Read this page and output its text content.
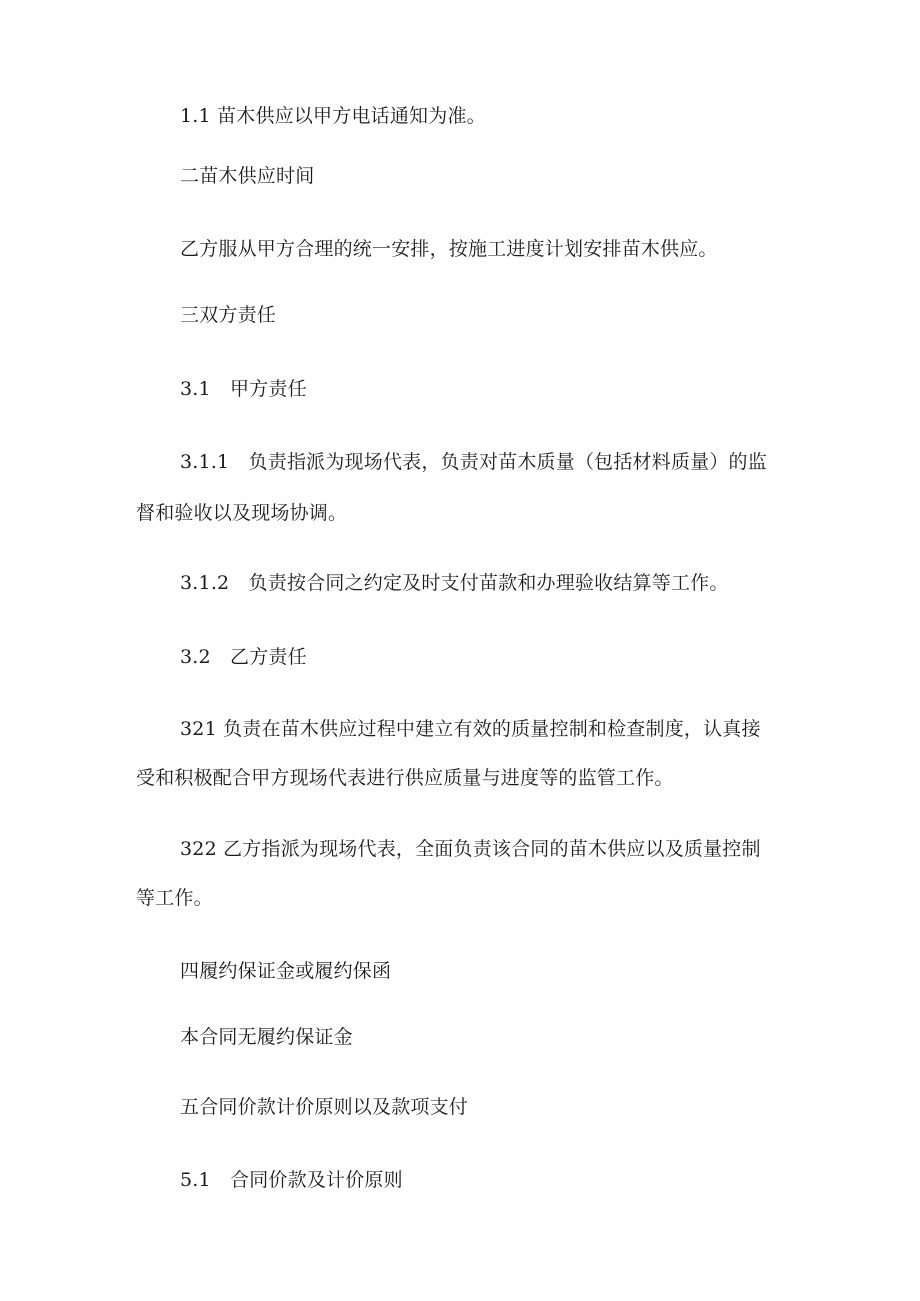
1.1 苗木供应以甲方电话通知为准。
二苗木供应时间
乙方服从甲方合理的统一安排，按施工进度计划安排苗木供应。
三双方责任
3.1　甲方责任
3.1.1　负责指派为现场代表，负责对苗木质量（包括材料质量）的监
督和验收以及现场协调。
3.1.2　负责按合同之约定及时支付苗款和办理验收结算等工作。
3.2　乙方责任
321 负责在苗木供应过程中建立有效的质量控制和检查制度，认真接
受和积极配合甲方现场代表进行供应质量与进度等的监管工作。
322 乙方指派为现场代表，全面负责该合同的苗木供应以及质量控制
等工作。
四履约保证金或履约保函
本合同无履约保证金
五合同价款计价原则以及款项支付
5.1　合同价款及计价原则
